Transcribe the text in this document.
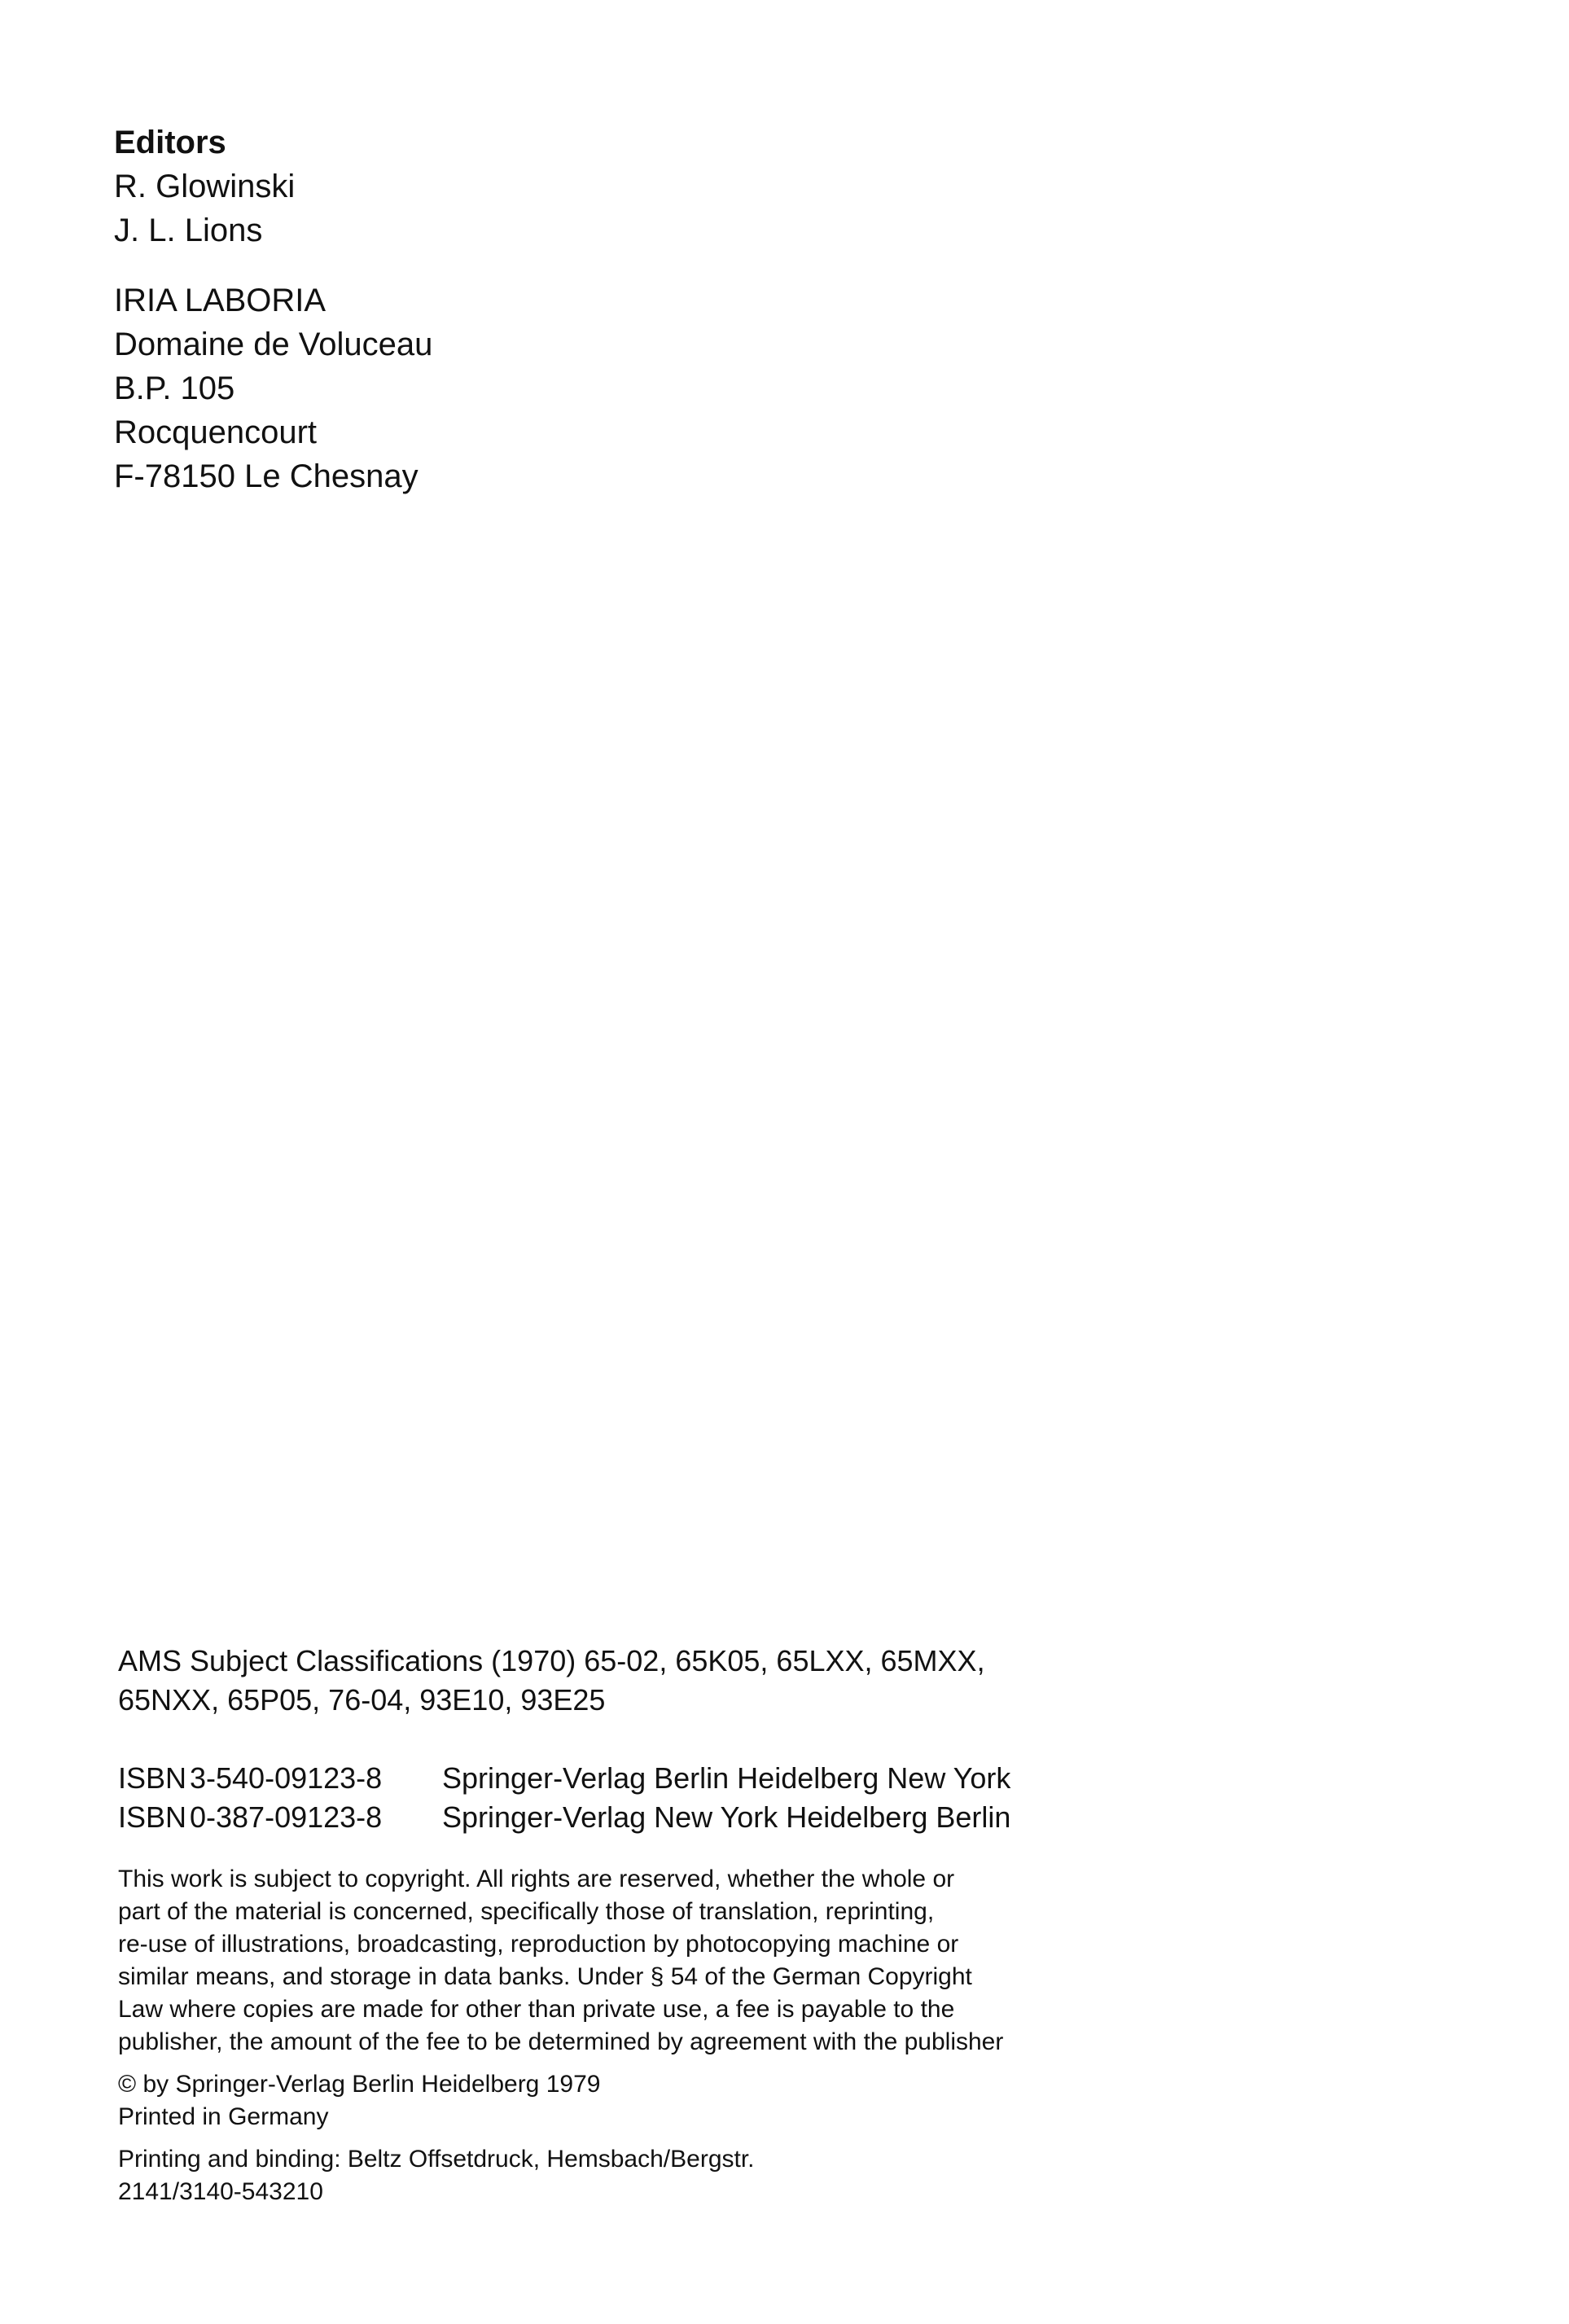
Editors
R. Glowinski
J. L. Lions
IRIA LABORIA
Domaine de Voluceau
B.P. 105
Rocquencourt
F-78150 Le Chesnay
AMS Subject Classifications (1970) 65-02, 65K05, 65LXX, 65MXX,
65NXX, 65P05, 76-04, 93E10, 93E25
ISBN 3-540-09123-8 Springer-Verlag Berlin Heidelberg New York
ISBN 0-387-09123-8 Springer-Verlag New York Heidelberg Berlin
This work is subject to copyright. All rights are reserved, whether the whole or
part of the material is concerned, specifically those of translation, reprinting,
re-use of illustrations, broadcasting, reproduction by photocopying machine or
similar means, and storage in data banks. Under § 54 of the German Copyright
Law where copies are made for other than private use, a fee is payable to the
publisher, the amount of the fee to be determined by agreement with the publisher
© by Springer-Verlag Berlin Heidelberg 1979
Printed in Germany
Printing and binding: Beltz Offsetdruck, Hemsbach/Bergstr.
2141/3140-543210
